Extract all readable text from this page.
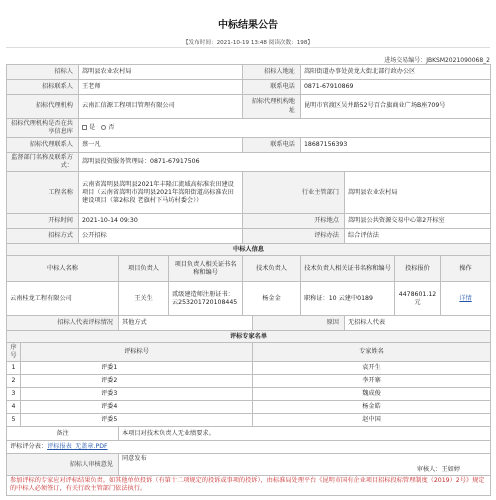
中标结果公告
【发布时间：2021-10-19 13:48 阅读次数：198】
进场交易编号：JBKSM2021090068_2
招标人		嵩明县农业农村局			招标人地址		嵩阳街道办事处黄龙大街北部行政办公区			
招标联系人		王老师			联系电话		0871-67910869			
招标代理机构		云南汇信源工程项目管理有限公司			招标代理机构地址		昆明市官渡区吴井路52号百合旗商业广场B座709号			
招标代理机构是否在共享信息库		是 否								
招标代理联系人		蔡一凡			联系电话		18687156393			
监督部门名称及联系方式：		嵩明县投资服务管理局：0871-67917506								
工程名称		云南省嵩明县嵩明县2021年丰隆江流域高标准农田建设项目（云南省嵩明市嵩明县2021年嵩阳街道高标准农田建设项目（第2标段 老旗村下马坊村委会））			行业主管部门			嵩明县农业农村局		
开标时间		2021-10-14 09:30			开标地点			嵩明县公共资源交易中心第2开标室		
招标方式		公开招标			评标办法			综合评估法		
中标人信息										
中标人名称			项目负责人	项目负责人相关证书名称和编号	技术负责人		技术负责人相关证书名称和编号		投标报价	操作
云南桂龙工程有限公司			王关生	贰级建造师注册证书：云253201720108445	杨金金		职称证：10 云建中0189		4478601.12元	详情
招标人代表评标情况			其他方式			原因		无招标人代表		
评标专家名单										
序号	评标标号					专家姓名				
1	评委1					袁开生				
2	评委2					李开寨				
3	评委3					魏成俊				
4	评委4					杨金皓				
5	评委5					赵中国				
备注			本项目对技术负责人无业绩要求。							
评标评分表：评标报表_无盖章.PDF										
招标人审核意见			同意发布
审核人：王如婷							

参加评标的专家应对评标结果负责。如其他单位投诉（有第十二项规定的投诉或事项的投诉），由标准局处理平台《昆明市国有企业项目招标投标管理制度（2019）2号》规定的中标人必须签订，有关行政主管部门依法执行。										
